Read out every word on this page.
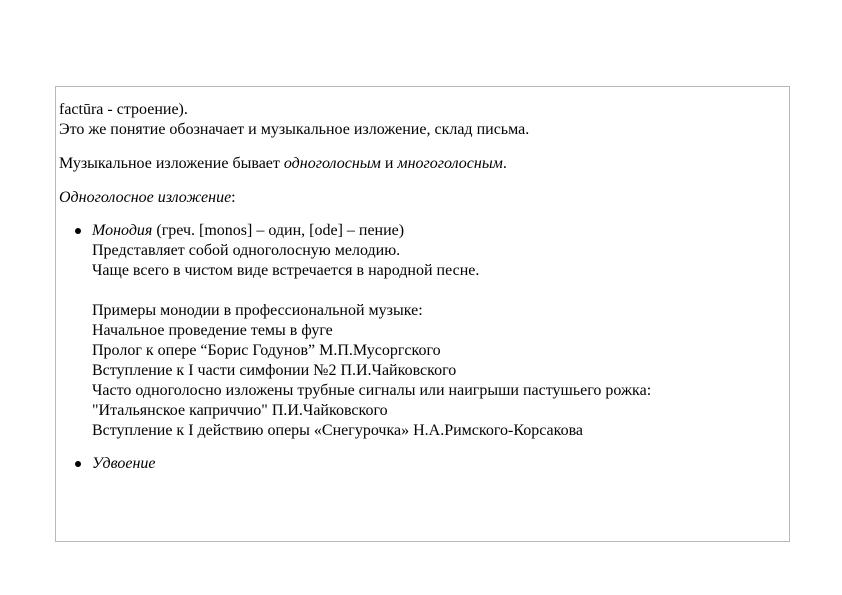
factūra - строение).
Это же понятие обозначает и музыкальное изложение, склад письма.
Музыкальное изложение бывает одноголосным и многоголосным.
Одноголосное изложение:
Монодия (греч. [monos] – один, [ode] – пение)
Представляет собой одноголосную мелодию.
Чаще всего в чистом виде встречается в народной песне.
Примеры монодии в профессиональной музыке:
Начальное проведение темы в фуге
Пролог к опере “Борис Годунов” М.П.Мусоргского
Вступление к I части симфонии №2 П.И.Чайковского
Часто одноголосно изложены трубные сигналы или наигрыши пастушьего рожка:
"Итальянское каприччио" П.И.Чайковского
Вступление к I действию оперы «Снегурочка» Н.А.Римского-Корсакова
Удвоение
